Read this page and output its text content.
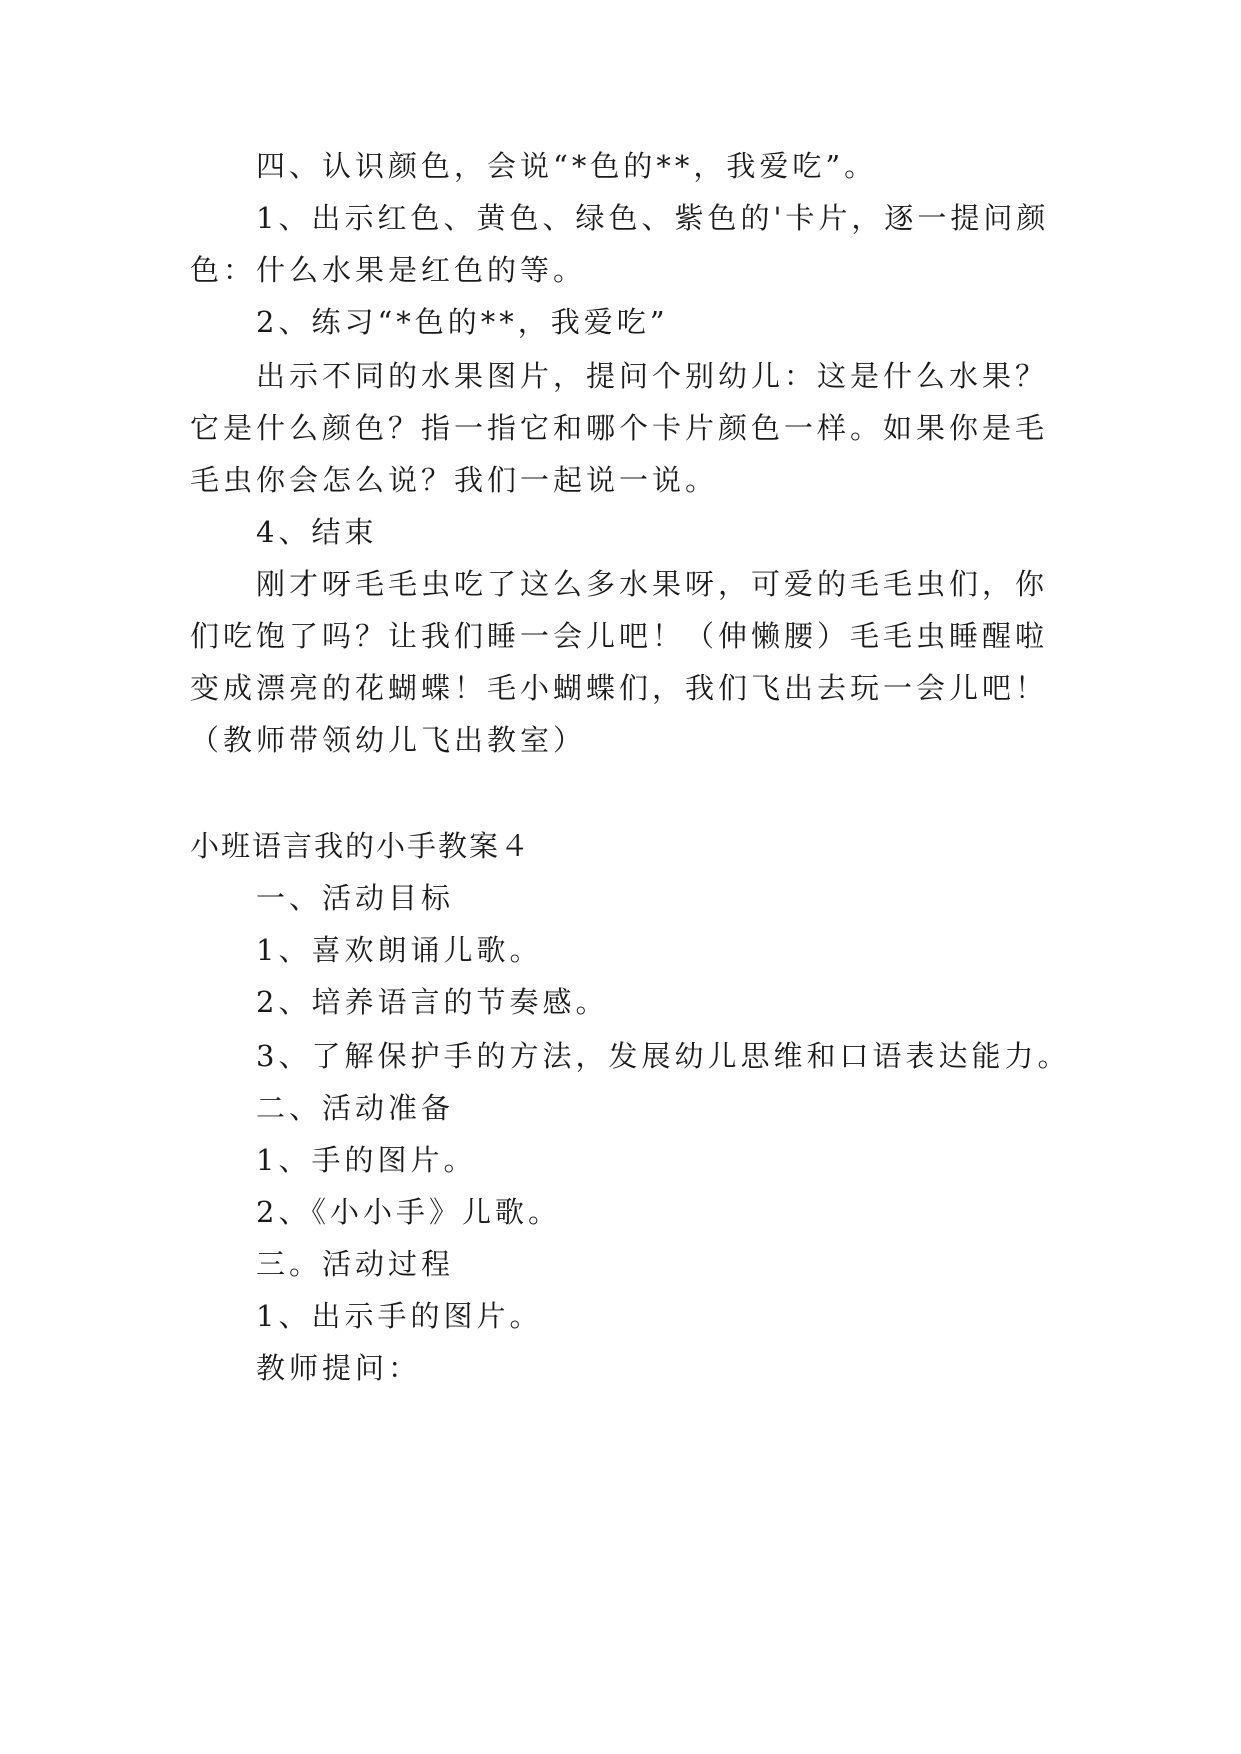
四、认识颜色，会说“*色的**，我爱吃”。
1、出示红色、黄色、绿色、紫色的'卡片，逐一提问颜
色：什么水果是红色的等。
2、练习“*色的**，我爱吃”
出示不同的水果图片，提问个别幼儿：这是什么水果？
它是什么颜色？指一指它和哪个卡片颜色一样。如果你是毛
毛虫你会怎么说？我们一起说一说。
4、结束
刚才呀毛毛虫吃了这么多水果呀，可爱的毛毛虫们，你
们吃饱了吗？让我们睡一会儿吧！（伸懒腰）毛毛虫睡醒啦
变成漂亮的花蝴蝶！毛小蝴蝶们，我们飞出去玩一会儿吧！
（教师带领幼儿飞出教室）
小班语言我的小手教案４
一、活动目标
1、喜欢朗诵儿歌。
2、培养语言的节奏感。
3、了解保护手的方法，发展幼儿思维和口语表达能力。
二、活动准备
1、手的图片。
2、《小小手》儿歌。
三。活动过程
1、出示手的图片。
教师提问：
